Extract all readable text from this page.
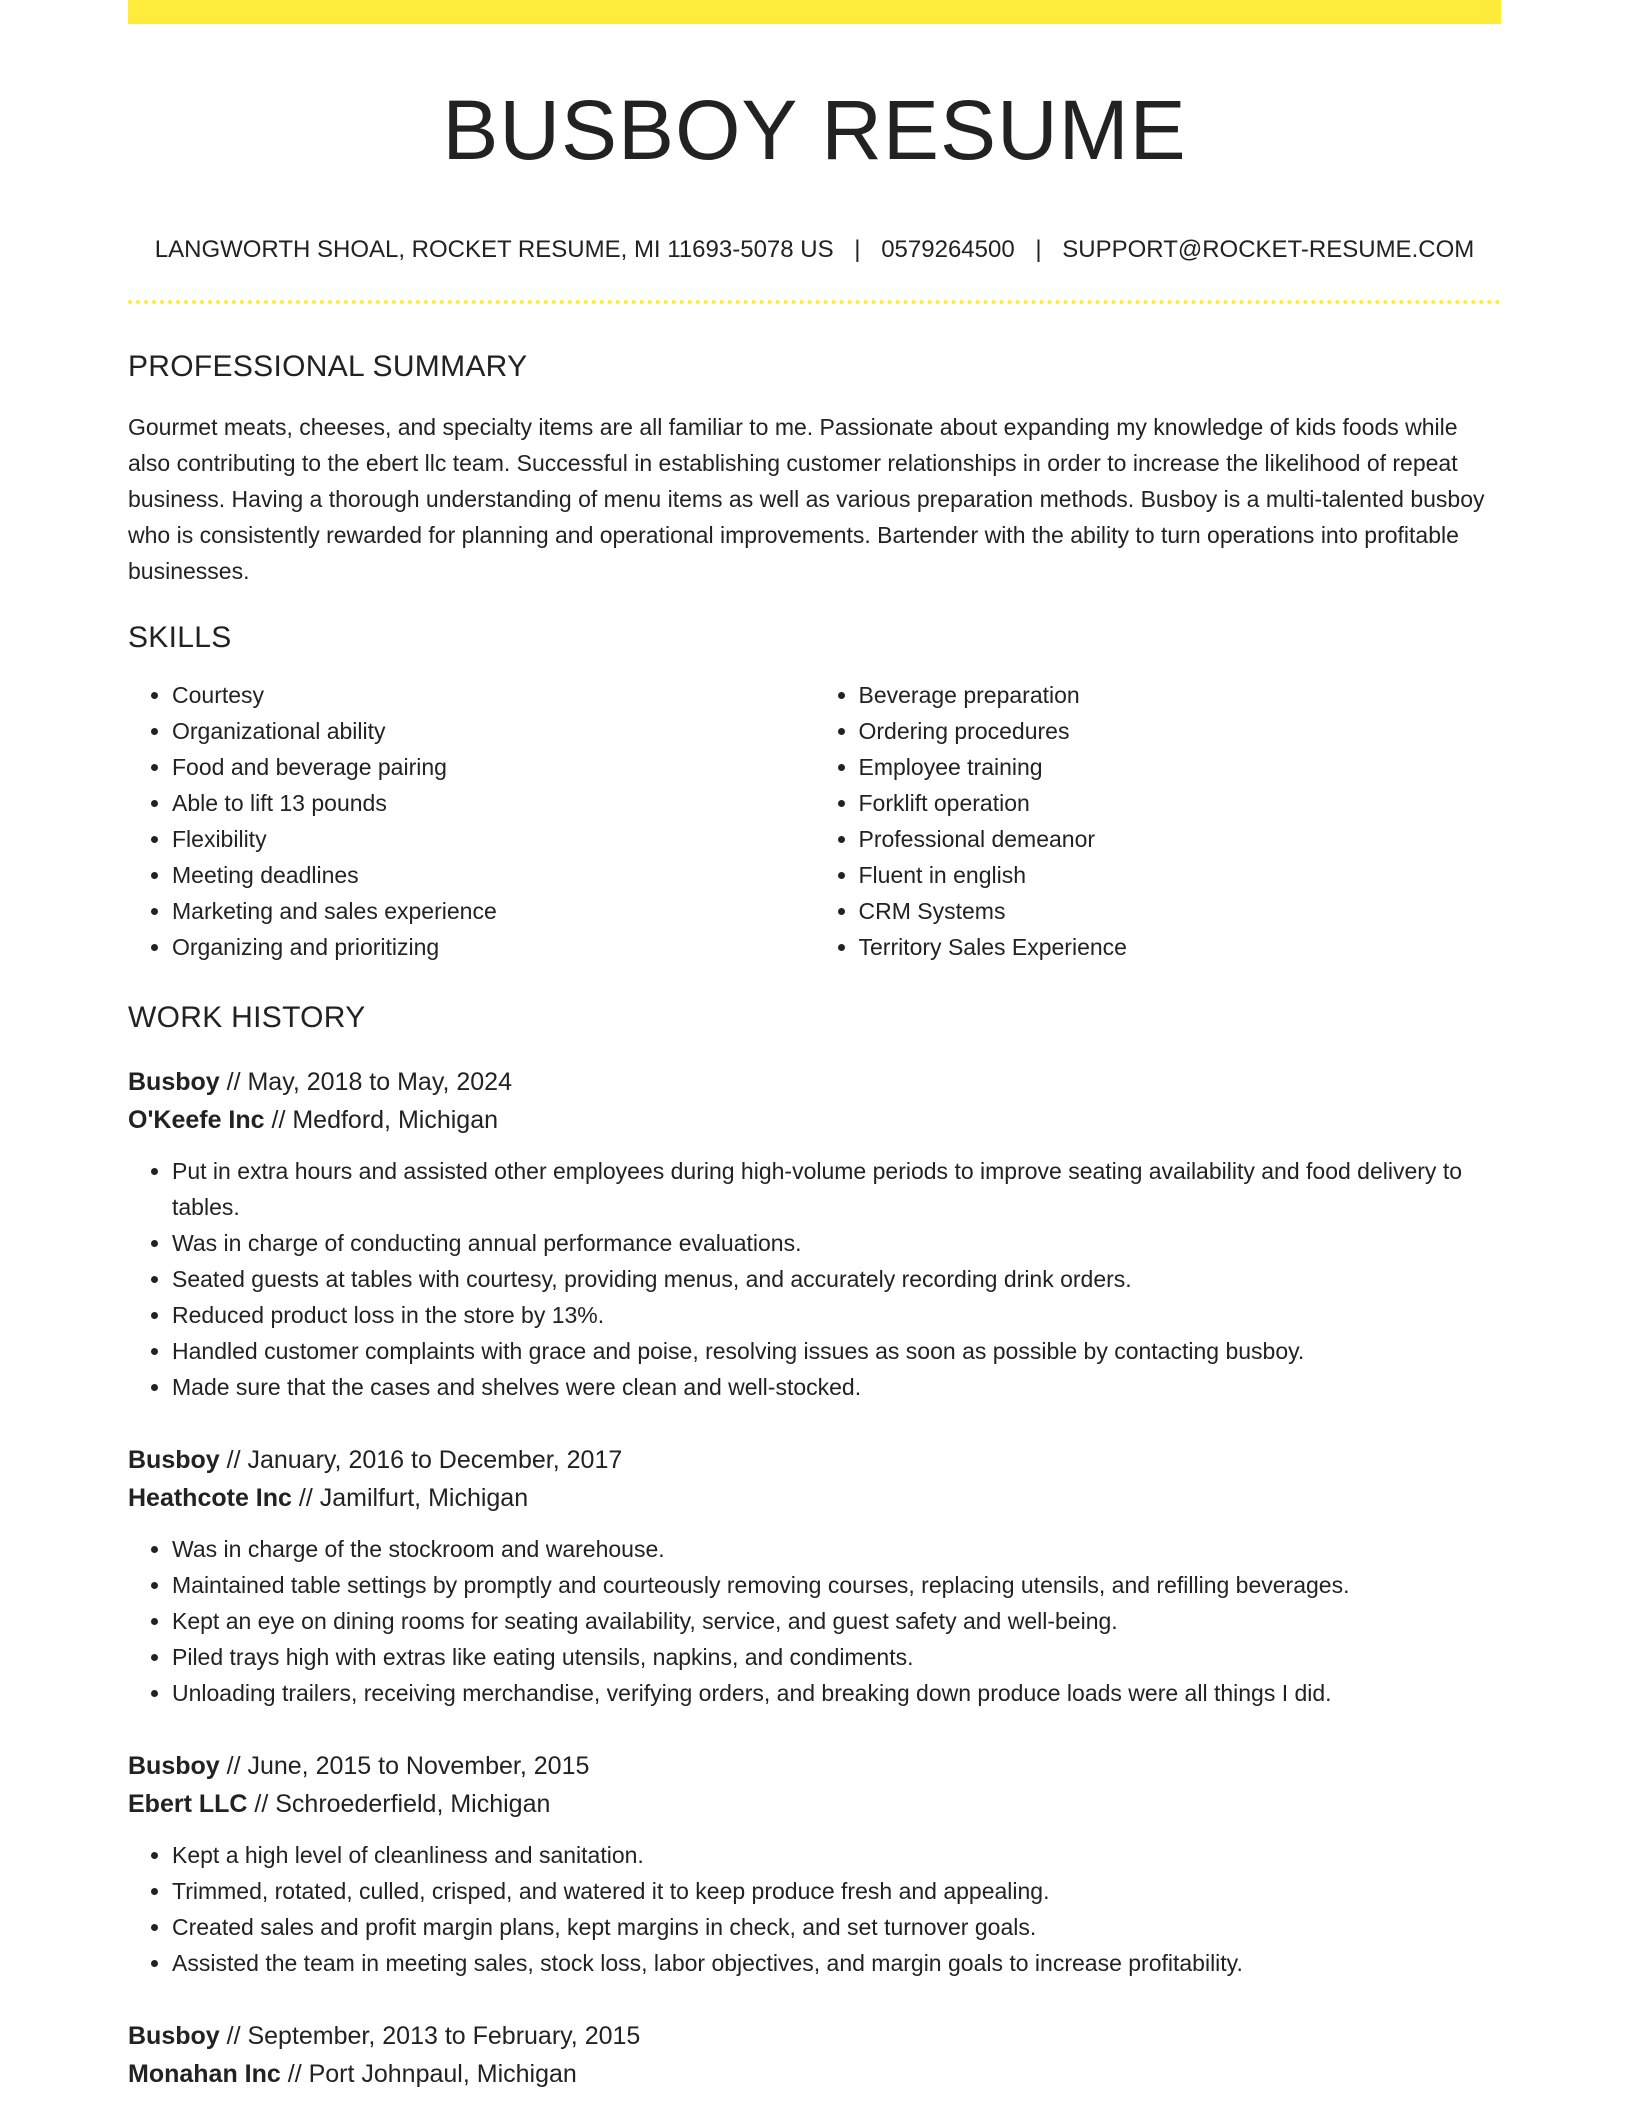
BUSBOY RESUME
LANGWORTH SHOAL, ROCKET RESUME, MI 11693-5078 US | 0579264500 | SUPPORT@ROCKET-RESUME.COM
PROFESSIONAL SUMMARY

Gourmet meats, cheeses, and specialty items are all familiar to me. Passionate about expanding my knowledge of kids foods while also contributing to the ebert llc team. Successful in establishing customer relationships in order to increase the likelihood of repeat business. Having a thorough understanding of menu items as well as various preparation methods. Busboy is a multi-talented busboy who is consistently rewarded for planning and operational improvements. Bartender with the ability to turn operations into profitable businesses.

SKILLS
• Courtesy
• Organizational ability
• Food and beverage pairing
• Able to lift 13 pounds
• Flexibility
• Meeting deadlines
• Marketing and sales experience
• Organizing and prioritizing
• Beverage preparation
• Ordering procedures
• Employee training
• Forklift operation
• Professional demeanor
• Fluent in english
• CRM Systems
• Territory Sales Experience
WORK HISTORY
Busboy // May, 2018 to May, 2024
O'Keefe Inc // Medford, Michigan
• Put in extra hours and assisted other employees during high-volume periods to improve seating availability and food delivery to tables.
• Was in charge of conducting annual performance evaluations.
• Seated guests at tables with courtesy, providing menus, and accurately recording drink orders.
• Reduced product loss in the store by 13%.
• Handled customer complaints with grace and poise, resolving issues as soon as possible by contacting busboy.
• Made sure that the cases and shelves were clean and well-stocked.
Busboy // January, 2016 to December, 2017
Heathcote Inc // Jamilfurt, Michigan
• Was in charge of the stockroom and warehouse.
• Maintained table settings by promptly and courteously removing courses, replacing utensils, and refilling beverages.
• Kept an eye on dining rooms for seating availability, service, and guest safety and well-being.
• Piled trays high with extras like eating utensils, napkins, and condiments.
• Unloading trailers, receiving merchandise, verifying orders, and breaking down produce loads were all things I did.
Busboy // June, 2015 to November, 2015
Ebert LLC // Schroederfield, Michigan
• Kept a high level of cleanliness and sanitation.
• Trimmed, rotated, culled, crisped, and watered it to keep produce fresh and appealing.
• Created sales and profit margin plans, kept margins in check, and set turnover goals.
• Assisted the team in meeting sales, stock loss, labor objectives, and margin goals to increase profitability.
Busboy // September, 2013 to February, 2015
Monahan Inc // Port Johnpaul, Michigan
